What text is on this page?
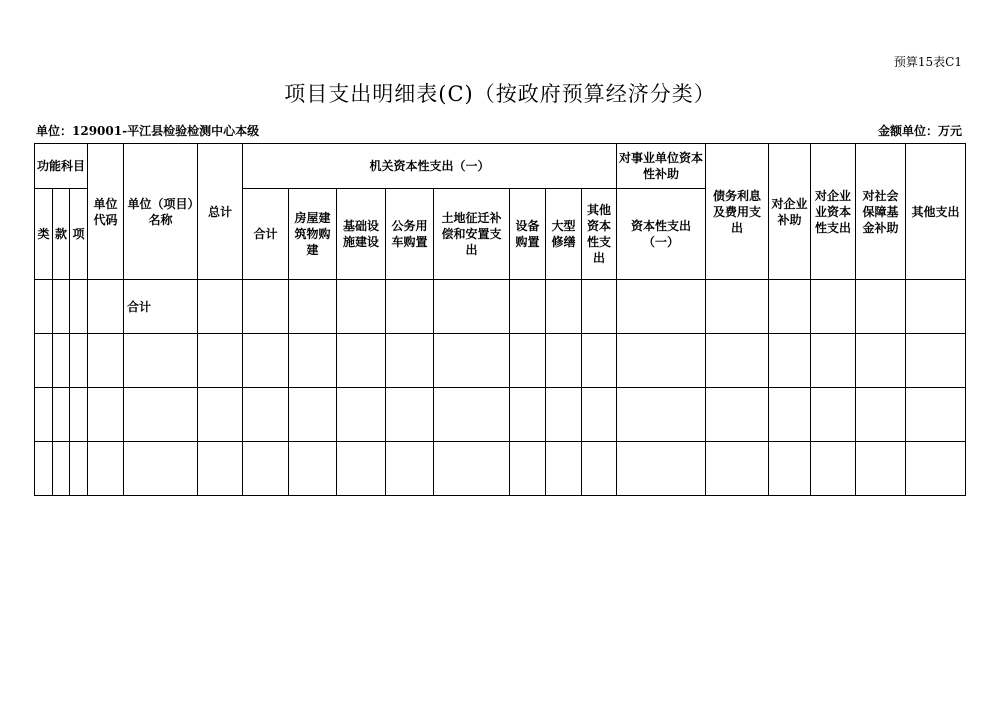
预算15表C1
项目支出明细表(C)（按政府预算经济分类）
单位：129001-平江县检验检测中心本级	金额单位：万元
功能科目			单位代码	单位（项目）名称	总计	机关资本性支出（一）								对事业单位资本性补助	债务利息及费用支出	对企业补助	对企业业资本性支出	对社会保障基金补助	其他支出
类	款	项				合计	房屋建筑物购建	基础设施建设	公务用车购置	土地征迁补偿和安置支出	设备购置	大型修缮	其他资本性支出	资本性支出（一）					
				合计															
